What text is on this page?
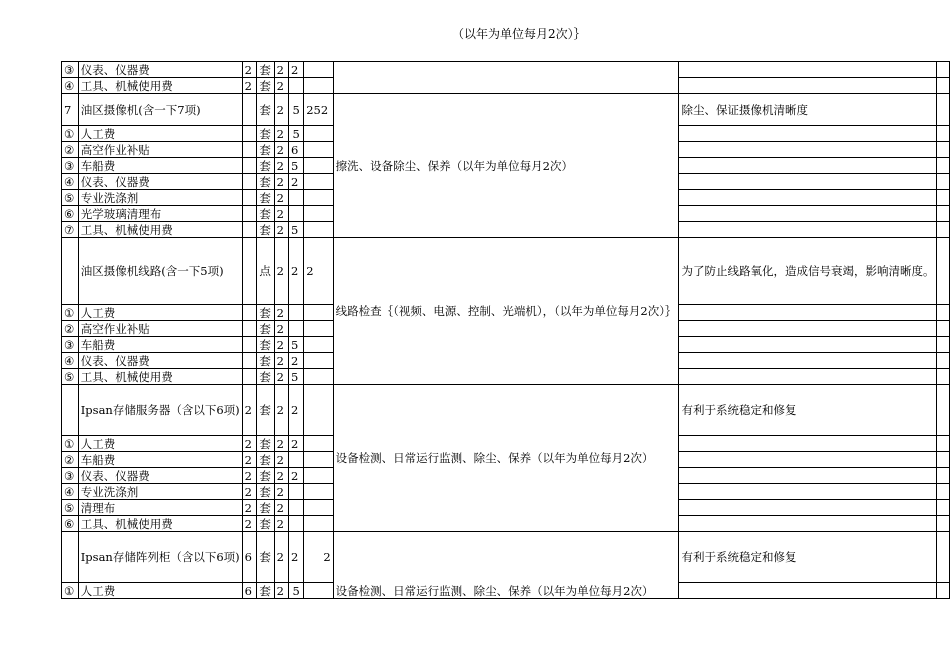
（以年为单位每月2次）｝
③	仪表、仪器费	2	套	2	2				
④	工具、机械使用费	2	套	2					
7	油区摄像机(含一下7项)		套	2	5	252	擦洗、设备除尘、保养（以年为单位每月2次）	除尘、保证摄像机清晰度	
①	人工费		套	2	5				
②	高空作业补贴		套	2	6				
③	车船费		套	2	5				
④	仪表、仪器费		套	2	2				
⑤	专业洗涤剂		套	2					
⑥	光学玻璃清理布		套	2					
⑦	工具、机械使用费		套	2	5				
	油区摄像机线路(含一下5项)		点	2	2	2	线路检查｛（视频、电源、控制、光端机），（以年为单位每月2次）｝	为了防止线路氧化，造成信号衰竭，影响清晰度。	
①	人工费		套	2					
②	高空作业补贴		套	2					
③	车船费		套	2	5				
④	仪表、仪器费		套	2	2				
⑤	工具、机械使用费		套	2	5				
	Ipsan存储服务器（含以下6项)	2	套	2	2		设备检测、日常运行监测、除尘、保养（以年为单位每月2次）	有利于系统稳定和修复	
①	人工费	2	套	2	2				
②	车船费	2	套	2					
③	仪表、仪器费	2	套	2	2				
④	专业洗涤剂	2	套	2					
⑤	清理布	2	套	2					
⑥	工具、机械使用费	2	套	2					
	Ipsan存储阵列柜（含以下6项)	6	套	2	2	2	设备检测、日常运行监测、除尘、保养（以年为单位每月2次）	有利于系统稳定和修复	
①	人工费	6	套	2	5				
